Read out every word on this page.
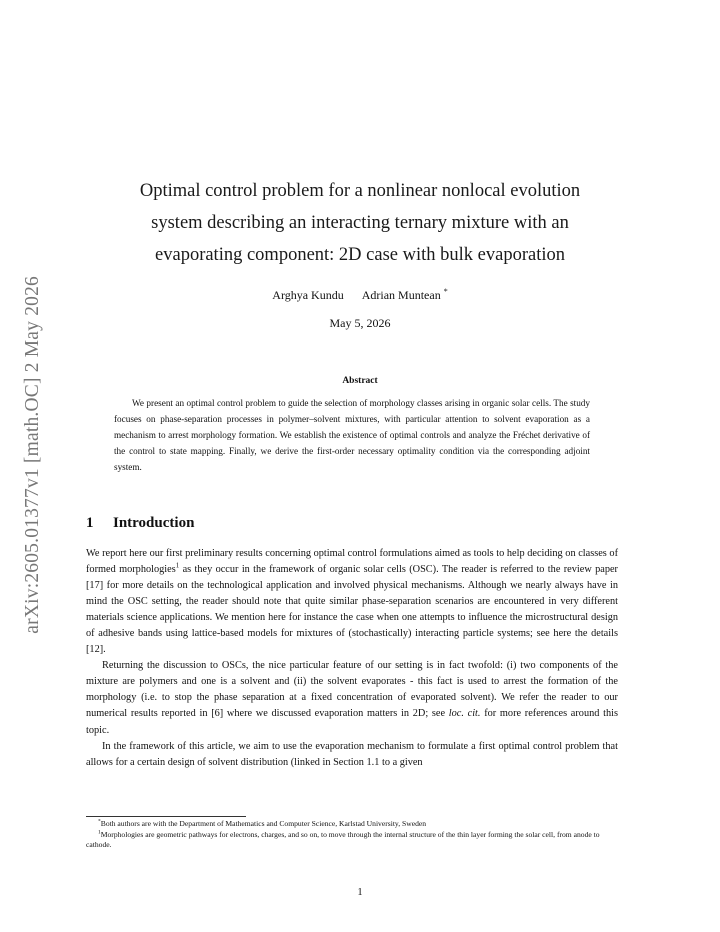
arXiv:2605.01377v1 [math.OC] 2 May 2026
Optimal control problem for a nonlinear nonlocal evolution
system describing an interacting ternary mixture with an
evaporating component: 2D case with bulk evaporation
Arghya Kundu Adrian Muntean *
May 5, 2026
Abstract

We present an optimal control problem to guide the selection of morphology classes arising in organic solar cells. The study focuses on phase-separation processes in polymer–solvent mixtures, with particular attention to solvent evaporation as a mechanism to arrest morphology formation. We establish the existence of optimal controls and analyze the Fréchet derivative of the control to state mapping. Finally, we derive the first-order necessary optimality condition via the corresponding adjoint system.

1 Introduction

We report here our first preliminary results concerning optimal control formulations aimed as tools to help deciding on classes of formed morphologies$^1$ as they occur in the framework of organic solar cells (OSC). The reader is referred to the review paper [17] for more details on the technological application and involved physical mechanisms. Although we nearly always have in mind the OSC setting, the reader should note that quite similar phase-separation scenarios are encountered in very different materials science applications. We mention here for instance the case when one attempts to influence the microstructural design of adhesive bands using lattice-based models for mixtures of (stochastically) interacting particle systems; see here the details [12].

Returning the discussion to OSCs, the nice particular feature of our setting is in fact twofold: (i) two components of the mixture are polymers and one is a solvent and (ii) the solvent evaporates - this fact is used to arrest the formation of the morphology (i.e. to stop the phase separation at a fixed concentration of evaporated solvent). We refer the reader to our numerical results reported in [6] where we discussed evaporation matters in 2D; see loc. cit. for more references around this topic.

In the framework of this article, we aim to use the evaporation mechanism to formulate a first optimal control problem that allows for a certain design of solvent distribution (linked in Section 1.1 to a given

*Both authors are with the Department of Mathematics and Computer Science, Karlstad University, Sweden

$^1$Morphologies are geometric pathways for electrons, charges, and so on, to move through the internal structure of the thin layer forming the solar cell, from anode to cathode.

1
